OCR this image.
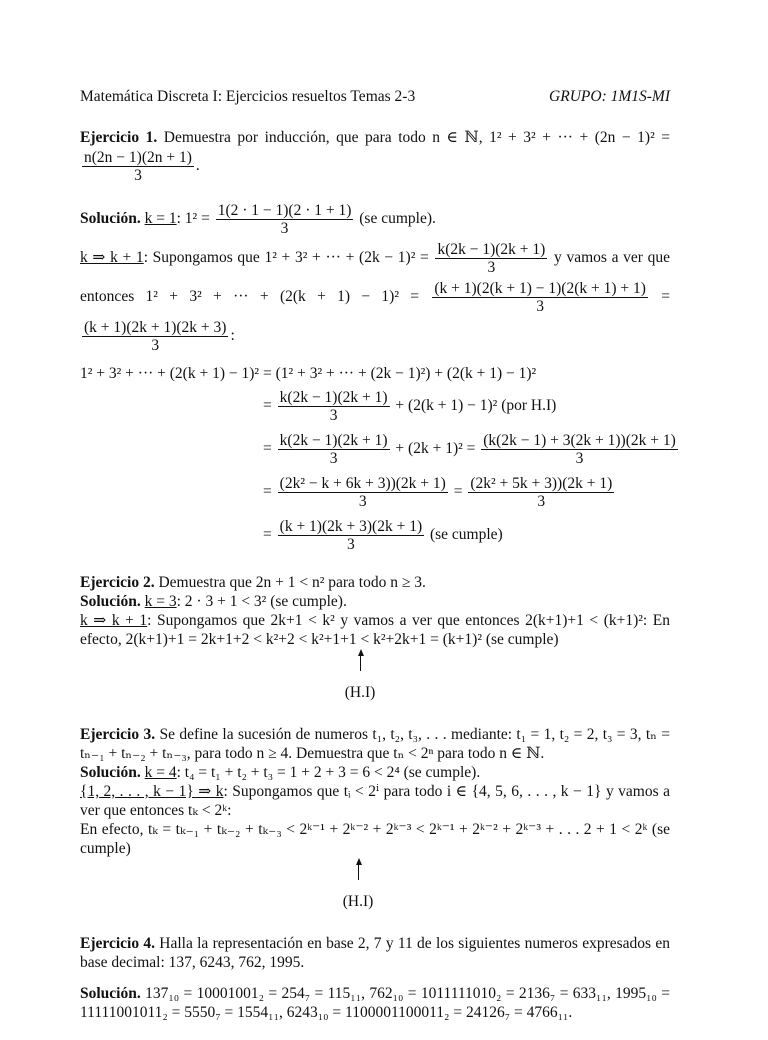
Matemática Discreta I: Ejercicios resueltos Temas 2-3	GRUPO: 1M1S-MI

Ejercicio 1. Demuestra por inducción, que para todo n ∈ ℕ, 1² + 3² + ··· + (2n − 1)² =
$\frac{n(2n - 1)(2n + 1)}{3}$ .

Solución. k = 1: $1^2 = \frac{1(2 \cdot 1 - 1)(2 \cdot 1 + 1)}{3} (se$ cumple).
k ⇒ k + 1: Supongamos que 1² + 3² + ··· + $(2k - 1)^2 = \frac{k(2k - 1)(2k + 1)}{3}$ y vamos a ver que entonces 1² + 3² + ··· + $(2(k + 1) - 1)^2 = \frac{(k + 1)(2(k + 1) - 1)(2(k + 1) + 1)}{3}$ =
$\frac{(k + 1)(2k + 1)(2k + 3)}{3}$ :

1² + 3² + ··· + (2(k + 1) − 1)² = (1² + 3² + ··· + (2k − 1)²) + (2(k + 1) − 1)²
= $\frac{k(2k - 1)(2k + 1)}{3} + (2(k + 1) - 1)^2$ (por H.I)
= $\frac{k(2k - 1)(2k + 1)}{3} + (2k + 1)^2 = \frac{(k(2k - 1) + 3(2k + 1))(2k + 1)}{3}$
= $\frac{\text{(2k² − k + 6k + 3))(2k + 1)}}{3} = \frac{\text{(2k² + 5k + 3))(2k + 1)}}{3}$
= $\frac{(k + 1)(2k + 3)(2k + 1)}{3} (se$ cumple)

Ejercicio 2. Demuestra que 2n + 1 < n² para todo n ≥ 3.

Solución. k = 3: 2 · 3 + 1 < 3² (se cumple).
k ⇒ k + 1: Supongamos que 2k+1 < k² y vamos a ver que entonces 2(k+1)+1 < (k+1)²: En efecto, 2(k+1)+1 = 2k+1+2 < k²+2 < k²+1+1 < k²+2k+1 = (k+1)² (se cumple)

(H.I)

Ejercicio 3. Se define la sucesión de numeros t₁, t₂, t₃, . . . mediante: t₁ = 1, t₂ = 2, t₃ = 3, tₙ = tₙ₋₁ + tₙ₋₂ + tₙ₋₃, para todo n ≥ 4. Demuestra que tₙ < 2ⁿ para todo n ∈ ℕ.

Solución. k = 4: t₄ = t₁ + t₂ + t₃ = 1 + 2 + 3 = 6 < 2⁴ (se cumple).
{1, 2, . . . , k − 1} ⇒ k: Supongamos que tᵢ < 2ⁱ para todo i ∈ {4, 5, 6, . . . , k − 1} y vamos a ver que entonces tₖ < 2ᵏ:
En efecto, tₖ = tₖ₋₁ + tₖ₋₂ + tₖ₋₃ < 2ᵏ⁻¹ + 2ᵏ⁻² + 2ᵏ⁻³ < 2ᵏ⁻¹ + 2ᵏ⁻² + 2ᵏ⁻³ + . . . 2 + 1 < 2ᵏ (se cumple)

(H.I)

Ejercicio 4. Halla la representación en base 2, 7 y 11 de los siguientes numeros expresados en base decimal: 137, 6243, 762, 1995.

Solución. 137₁₀ = 10001001₂ = 254₇ = 115₁₁, 762₁₀ = 1011111010₂ = 2136₇ = 633₁₁, 1995₁₀ = 11111001011₂ = 5550₇ = 1554₁₁, 6243₁₀ = 1100001100011₂ = 24126₇ = 4766₁₁.
